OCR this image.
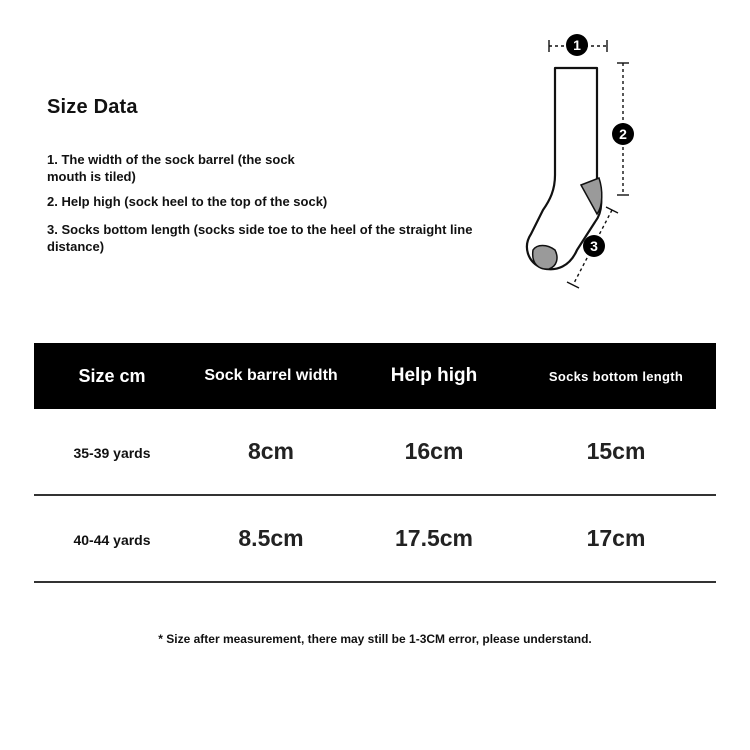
Size Data
1. The width of the sock barrel (the sock mouth is tiled)
2. Help high (sock heel to the top of the sock)
3. Socks bottom length (socks side toe to the heel of the straight line distance)
1
2
3
Size cm	Sock barrel width	Help high	Socks bottom length
35-39 yards	8cm	16cm	15cm
40-44 yards	8.5cm	17.5cm	17cm
* Size after measurement, there may still be 1-3CM error, please understand.
